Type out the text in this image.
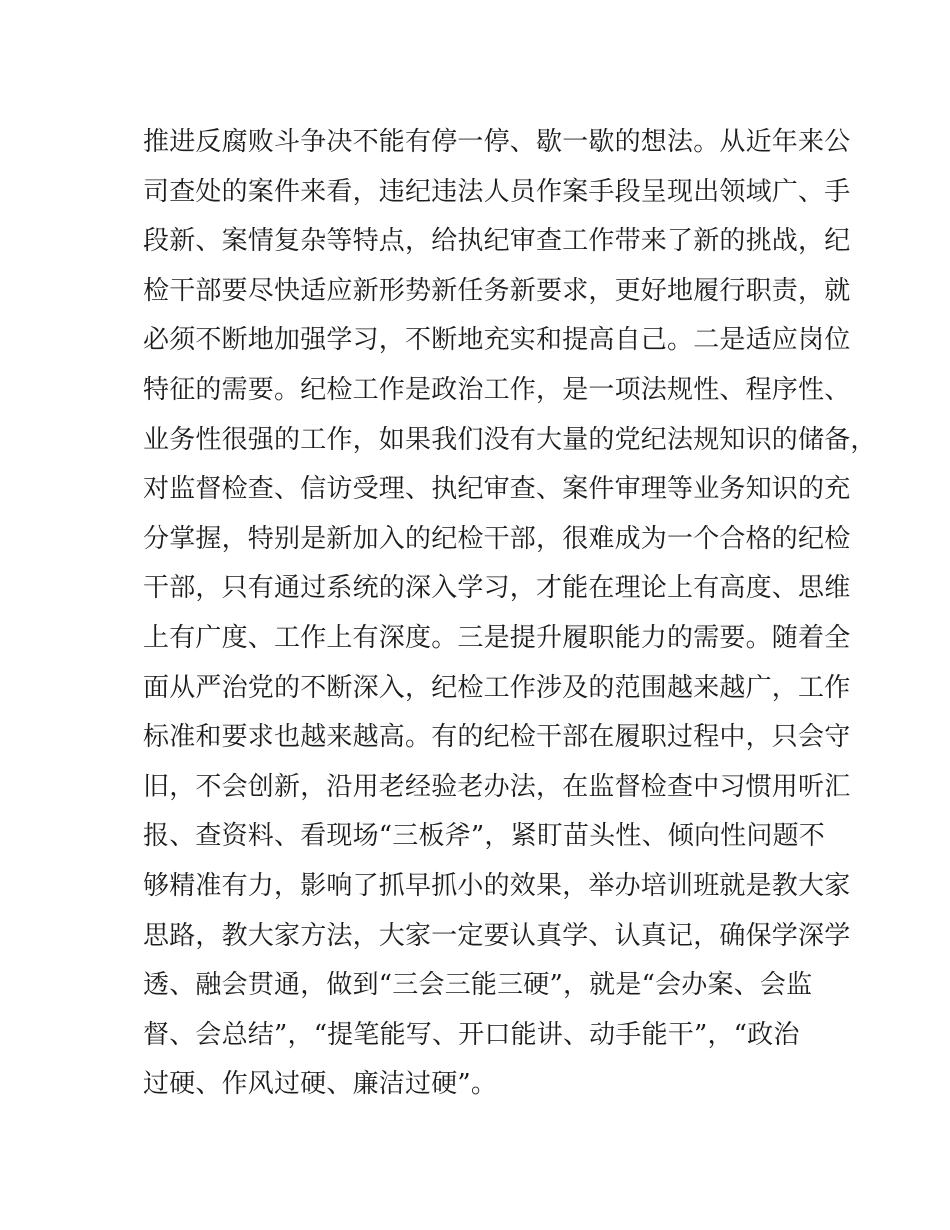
推进反腐败斗争决不能有停一停、歇一歇的想法。从近年来公
司查处的案件来看，违纪违法人员作案手段呈现出领域广、手
段新、案情复杂等特点，给执纪审查工作带来了新的挑战，纪
检干部要尽快适应新形势新任务新要求，更好地履行职责，就
必须不断地加强学习，不断地充实和提高自己。二是适应岗位
特征的需要。纪检工作是政治工作，是一项法规性、程序性、
业务性很强的工作，如果我们没有大量的党纪法规知识的储备，
对监督检查、信访受理、执纪审查、案件审理等业务知识的充
分掌握，特别是新加入的纪检干部，很难成为一个合格的纪检
干部，只有通过系统的深入学习，才能在理论上有高度、思维
上有广度、工作上有深度。三是提升履职能力的需要。随着全
面从严治党的不断深入，纪检工作涉及的范围越来越广，工作
标准和要求也越来越高。有的纪检干部在履职过程中，只会守
旧，不会创新，沿用老经验老办法，在监督检查中习惯用听汇
报、查资料、看现场“三板斧”，紧盯苗头性、倾向性问题不
够精准有力，影响了抓早抓小的效果，举办培训班就是教大家
思路，教大家方法，大家一定要认真学、认真记，确保学深学
透、融会贯通，做到“三会三能三硬”，就是“会办案、会监
督、会总结”，“提笔能写、开口能讲、动手能干”，“政治
过硬、作风过硬、廉洁过硬”。
